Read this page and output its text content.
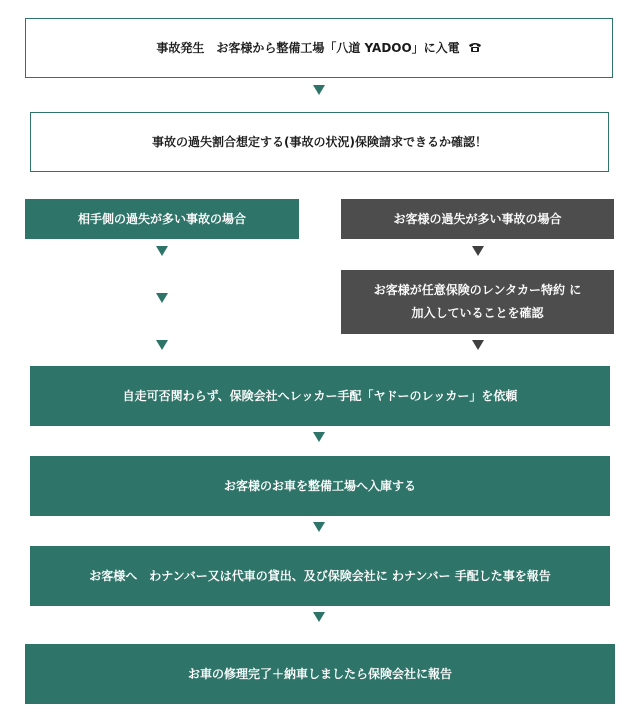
事故発生　お客様から整備工場「八道 YADOO」に入電
事故の過失割合想定する(事故の状況)保険請求できるか確認！
相手側の過失が多い事故の場合	お客様の過失が多い事故の場合
お客様が任意保険のレンタカー特約 に
加入していることを確認
自走可否関わらず、保険会社へレッカー手配「ヤドーのレッカー」を依頼
お客様のお車を整備工場へ入庫する
お客様へ　わナンバー又は代車の貸出、及び保険会社に わナンバー 手配した事を報告
お車の修理完了＋納車しましたら保険会社に報告
